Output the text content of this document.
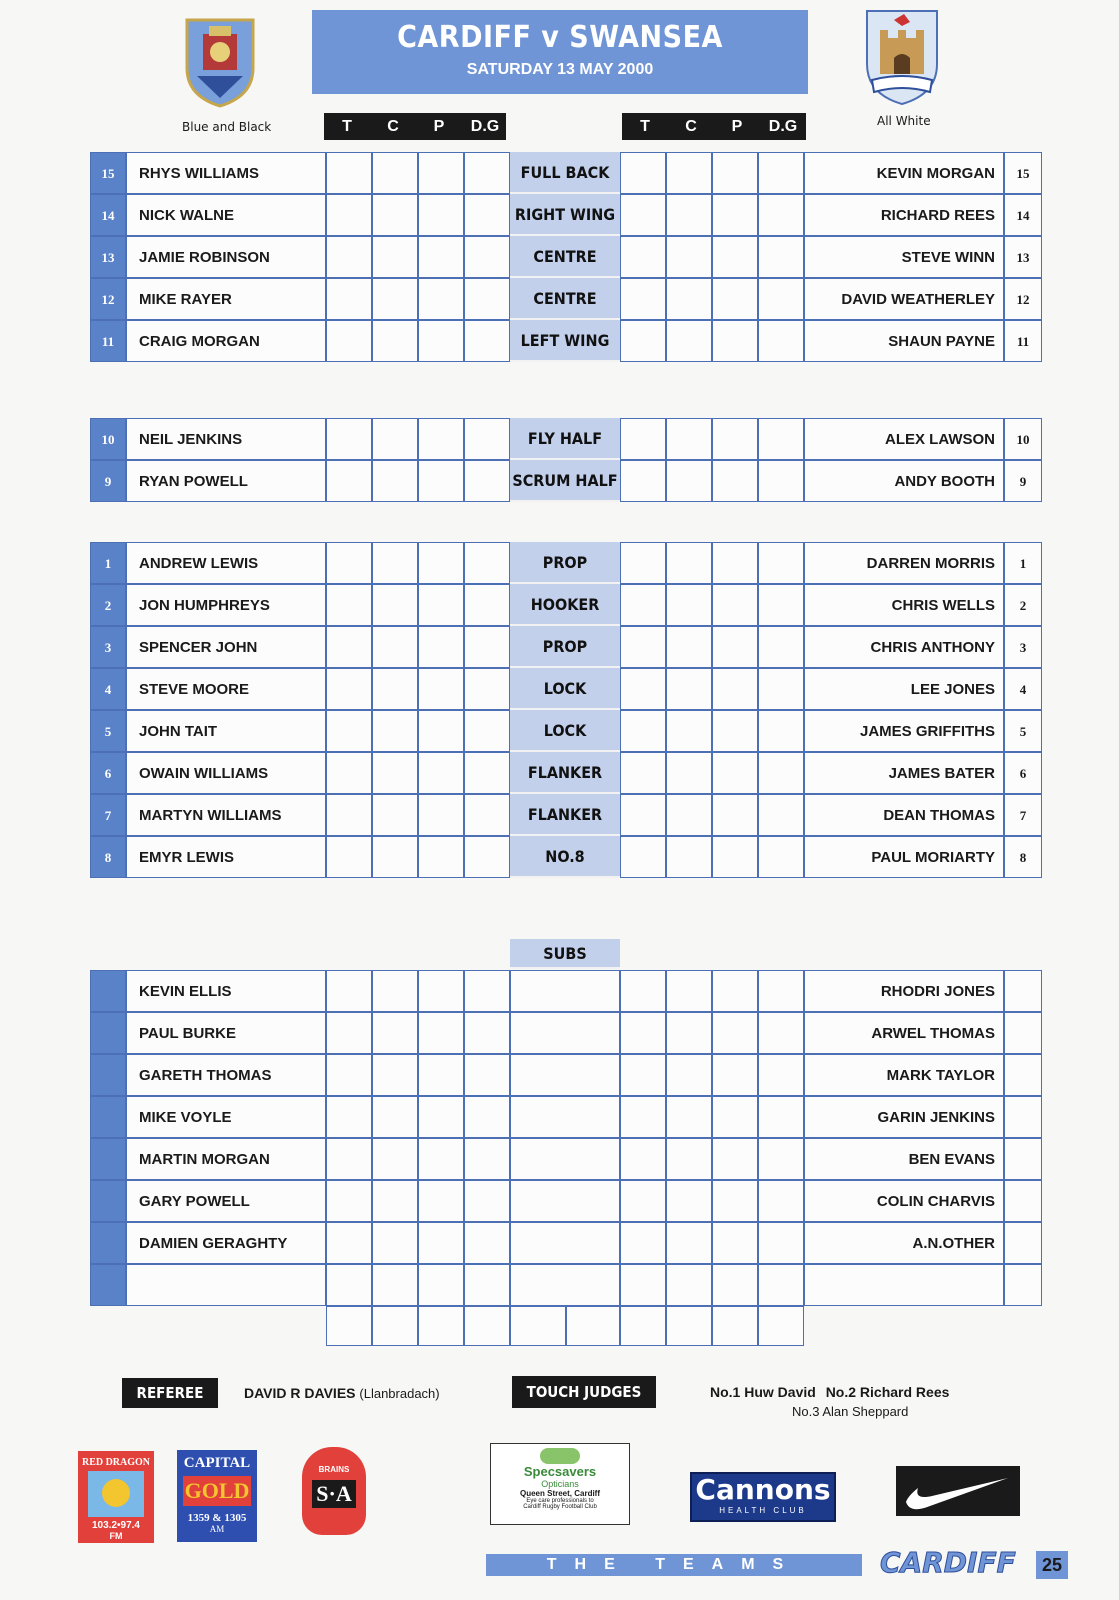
CARDIFF v SWANSEA
SATURDAY 13 MAY 2000
Blue and Black	All White
T	C	P	D.G	T	C	P	D.G
15	RHYS WILLIAMS	FULL BACK	KEVIN MORGAN	15
14	NICK WALNE	RIGHT WING	RICHARD REES	14
13	JAMIE ROBINSON	CENTRE	STEVE WINN	13
12	MIKE RAYER	CENTRE	DAVID WEATHERLEY	12
11	CRAIG MORGAN	LEFT WING	SHAUN PAYNE	11
10	NEIL JENKINS	FLY HALF	ALEX LAWSON	10
9	RYAN POWELL	SCRUM HALF	ANDY BOOTH	9
1	ANDREW LEWIS	PROP	DARREN MORRIS	1
2	JON HUMPHREYS	HOOKER	CHRIS WELLS	2
3	SPENCER JOHN	PROP	CHRIS ANTHONY	3
4	STEVE MOORE	LOCK	LEE JONES	4
5	JOHN TAIT	LOCK	JAMES GRIFFITHS	5
6	OWAIN WILLIAMS	FLANKER	JAMES BATER	6
7	MARTYN WILLIAMS	FLANKER	DEAN THOMAS	7
8	EMYR LEWIS	NO.8	PAUL MORIARTY	8
SUBS
KEVIN ELLIS	RHODRI JONES
PAUL BURKE	ARWEL THOMAS
GARETH THOMAS	MARK TAYLOR
MIKE VOYLE	GARIN JENKINS
MARTIN MORGAN	BEN EVANS
GARY POWELL	COLIN CHARVIS
DAMIEN GERAGHTY	A.N.OTHER
REFEREE	DAVID R DAVIES (Llanbradach)	TOUCH JUDGES	No.1 Huw David No.2 Richard Rees
No.3 Alan Sheppard
RED DRAGON
103.2•97.4
FM
CAPITAL
GOLD
1359 & 1305
AM
BRAINS
S·A
Specsavers
Opticians
Queen Street, Cardiff
Eye care professionals to
Cardiff Rugby Football Club
Cannons
HEALTH CLUB
THE TEAMS	CARDIFF	25
